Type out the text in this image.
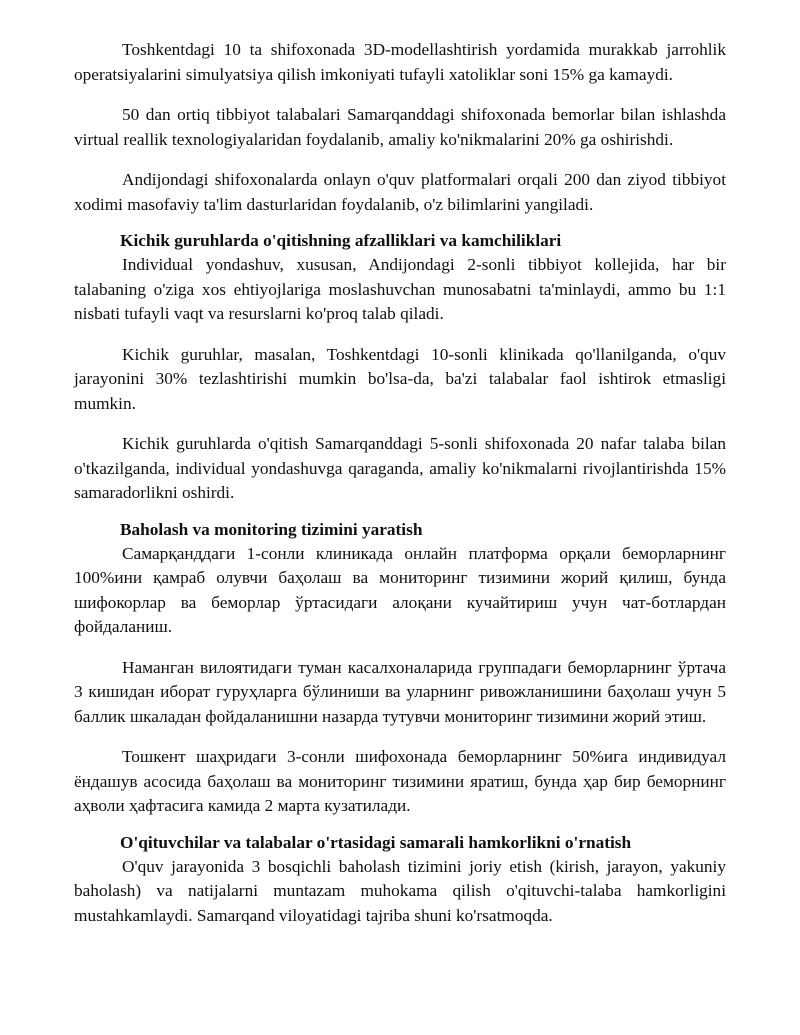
Toshkentdagi 10 ta shifoxonada 3D-modellashtirish yordamida murakkab jarrohlik operatsiyalarini simulyatsiya qilish imkoniyati tufayli xatoliklar soni 15% ga kamaydi.

50 dan ortiq tibbiyot talabalari Samarqanddagi shifoxonada bemorlar bilan ishlashda virtual reallik texnologiyalaridan foydalanib, amaliy ko'nikmalarini 20% ga oshirishdi.

Andijondagi shifoxonalarda onlayn o'quv platformalari orqali 200 dan ziyod tibbiyot xodimi masofaviy ta'lim dasturlaridan foydalanib, o'z bilimlarini yangiladi.

Kichik guruhlarda o'qitishning afzalliklari va kamchiliklari

Individual yondashuv, xususan, Andijondagi 2-sonli tibbiyot kollejida, har bir talabaning o'ziga xos ehtiyojlariga moslashuvchan munosabatni ta'minlaydi, ammo bu 1:1 nisbati tufayli vaqt va resurslarni ko'proq talab qiladi.

Kichik guruhlar, masalan, Toshkentdagi 10-sonli klinikada qo'llanilganda, o'quv jarayonini 30% tezlashtirishi mumkin bo'lsa-da, ba'zi talabalar faol ishtirok etmasligi mumkin.

Kichik guruhlarda o'qitish Samarqanddagi 5-sonli shifoxonada 20 nafar talaba bilan o'tkazilganda, individual yondashuvga qaraganda, amaliy ko'nikmalarni rivojlantirishda 15% samaradorlikni oshirdi.

Baholash va monitoring tizimini yaratish

Самарқанддаги 1-сонли клиникада онлайн платформа орқали беморларнинг 100%ини қамраб олувчи баҳолаш ва мониторинг тизимини жорий қилиш, бунда шифокорлар ва беморлар ўртасидаги алоқани кучайтириш учун чат-ботлардан фойдаланиш.

Наманган вилоятидаги туман касалхоналарида группадаги беморларнинг ўртача 3 кишидан иборат гуруҳларга бўлиниши ва уларнинг ривожланишини баҳолаш учун 5 баллик шкаладан фойдаланишни назарда тутувчи мониторинг тизимини жорий этиш.

Тошкент шаҳридаги 3-сонли шифохонада беморларнинг 50%ига индивидуал ёндашув асосида баҳолаш ва мониторинг тизимини яратиш, бунда ҳар бир беморнинг аҳволи ҳафтасига камида 2 марта кузатилади.

O'qituvchilar va talabalar o'rtasidagi samarali hamkorlikni o'rnatish

O'quv jarayonida 3 bosqichli baholash tizimini joriy etish (kirish, jarayon, yakuniy baholash) va natijalarni muntazam muhokama qilish o'qituvchi-talaba hamkorligini mustahkamlaydi. Samarqand viloyatidagi tajriba shuni ko'rsatmoqda.
